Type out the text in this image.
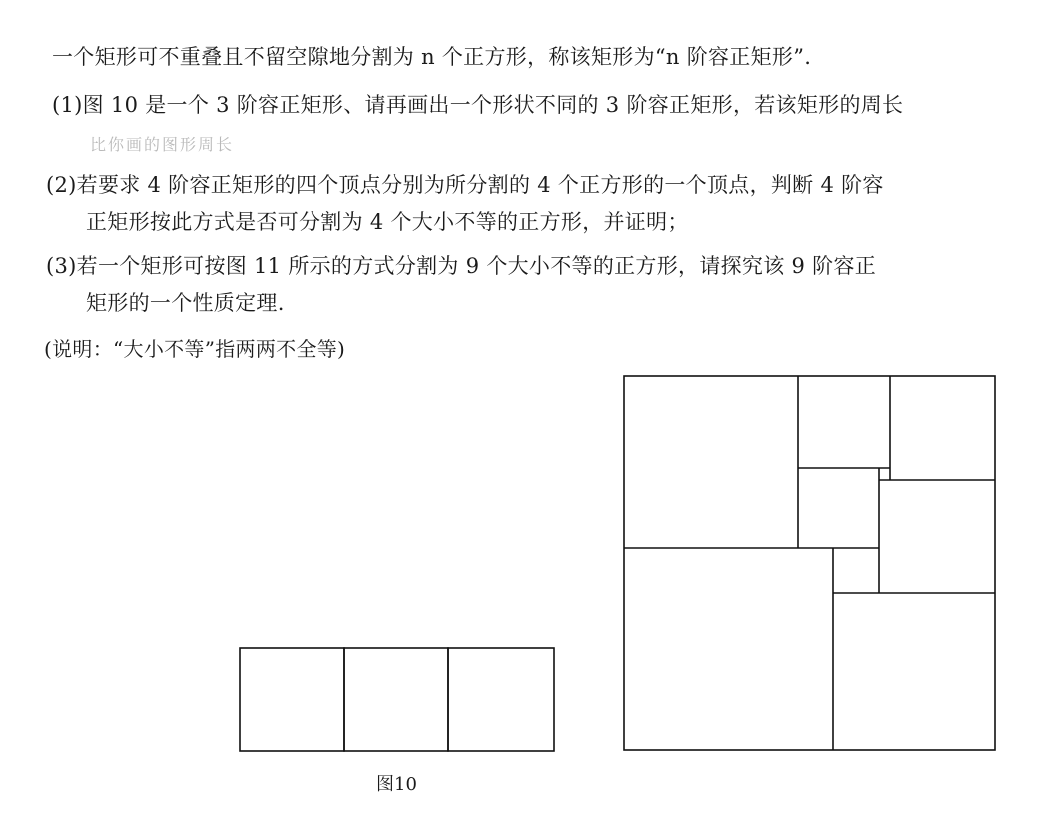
一个矩形可不重叠且不留空隙地分割为 n 个正方形，称该矩形为“n 阶容正矩形”.
(1)图 10 是一个 3 阶容正矩形、请再画出一个形状不同的 3 阶容正矩形，若该矩形的周长
比你画的图形周长
(2)若要求 4 阶容正矩形的四个顶点分别为所分割的 4 个正方形的一个顶点，判断 4 阶容
正矩形按此方式是否可分割为 4 个大小不等的正方形，并证明；
(3)若一个矩形可按图 11 所示的方式分割为 9 个大小不等的正方形，请探究该 9 阶容正
矩形的一个性质定理.
(说明：“大小不等”指两两不全等)
图10
